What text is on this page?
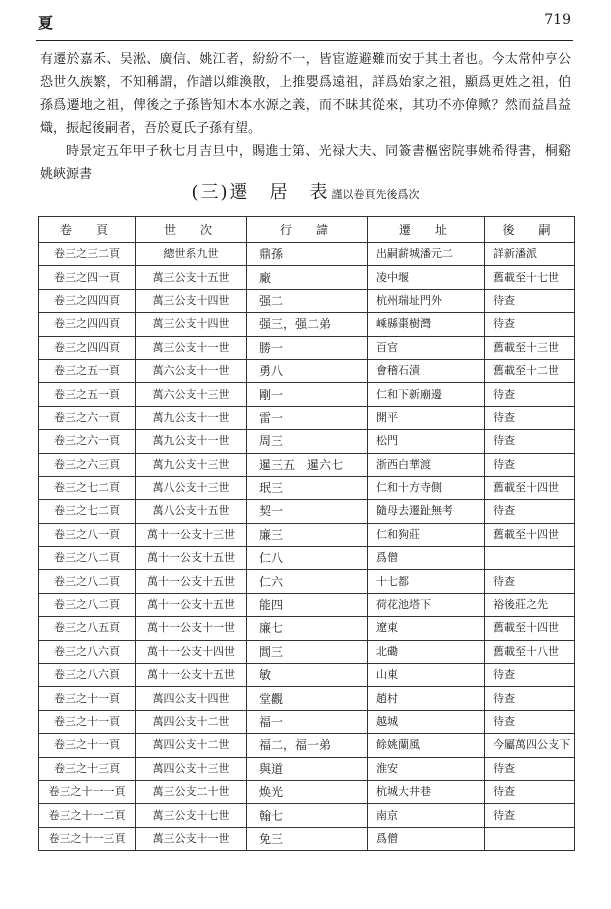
夏	719

有遷於嘉禾、吴淞、廣信、姚江者，紛紛不一，皆宦遊避難而安于其土者也。今太常仲亨公恐世久族繁，不知稱謂，作譜以維渙散，上推嬰爲遠祖，詳爲始家之祖，顯爲更姓之祖，伯孫爲遷地之祖，俾後之子孫皆知木本水源之義，而不昧其從來，其功不亦偉歟？然而益昌益熾，振起後嗣者，吾於夏氏子孫有望。

時景定五年甲子秋七月吉旦中，賜進士第、光禄大夫、同簽書樞密院事姚希得書，桐谿姚峽源書

(三)遷　居　表 謹以卷頁先後爲次
卷　頁	世　次	行　諱	遷　址	後　嗣
卷三之三二頁	總世系九世	鼎孫	出嗣薪城潘元二	詳新潘派
卷三之四一頁	萬三公支十五世	廠	凌中堰	舊載至十七世
卷三之四四頁	萬三公支十四世	强二	杭州瑞址門外	待查
卷三之四四頁	萬三公支十四世	强三，强二弟	嵊縣棗樹灣	待查
卷三之四四頁	萬三公支十一世	勝一	百官	舊載至十三世
卷三之五一頁	萬六公支十一世	勇八	會稽石漬	舊載至十二世
卷三之五一頁	萬六公支十三世	剛一	仁和下新廟邊	待查
卷三之六一頁	萬九公支十一世	雷一	開平	待查
卷三之六一頁	萬九公支十一世	周三	松門	待查
卷三之六三頁	萬九公支十三世	暹三五　暹六七	浙西白華渡	待查
卷三之七二頁	萬八公支十三世	珉三	仁和十方寺側	舊載至十四世
卷三之七二頁	萬八公支十五世	契一	隨母去遷趾無考	待查
卷三之八一頁	萬十一公支十三世	廉三	仁和狗莊	舊載至十四世
卷三之八二頁	萬十一公支十五世	仁八	爲僧	
卷三之八二頁	萬十一公支十五世	仁六	十七都	待查
卷三之八二頁	萬十一公支十五世	能四	荷花池塔下	裕後莊之先
卷三之八五頁	萬十一公支十一世	廉七	遼東	舊載至十四世
卷三之八六頁	萬十一公支十四世	閭三	北磡	舊載至十八世
卷三之八六頁	萬十一公支十五世	敏	山東	待查
卷三之十一頁	萬四公支十四世	堂觀	趙村	待查
卷三之十一頁	萬四公支十二世	福一	越城	待查
卷三之十一頁	萬四公支十二世	福二，福一弟	餘姚蘭風	今屬萬四公支下
卷三之十三頁	萬四公支十三世	與道	淮安	待查
卷三之十一一頁	萬三公支二十世	焕光	杭城大井巷	待查
卷三之十一二頁	萬三公支十七世	翰七	南京	待查
卷三之十一三頁	萬三公支十一世	免三	爲僧	
